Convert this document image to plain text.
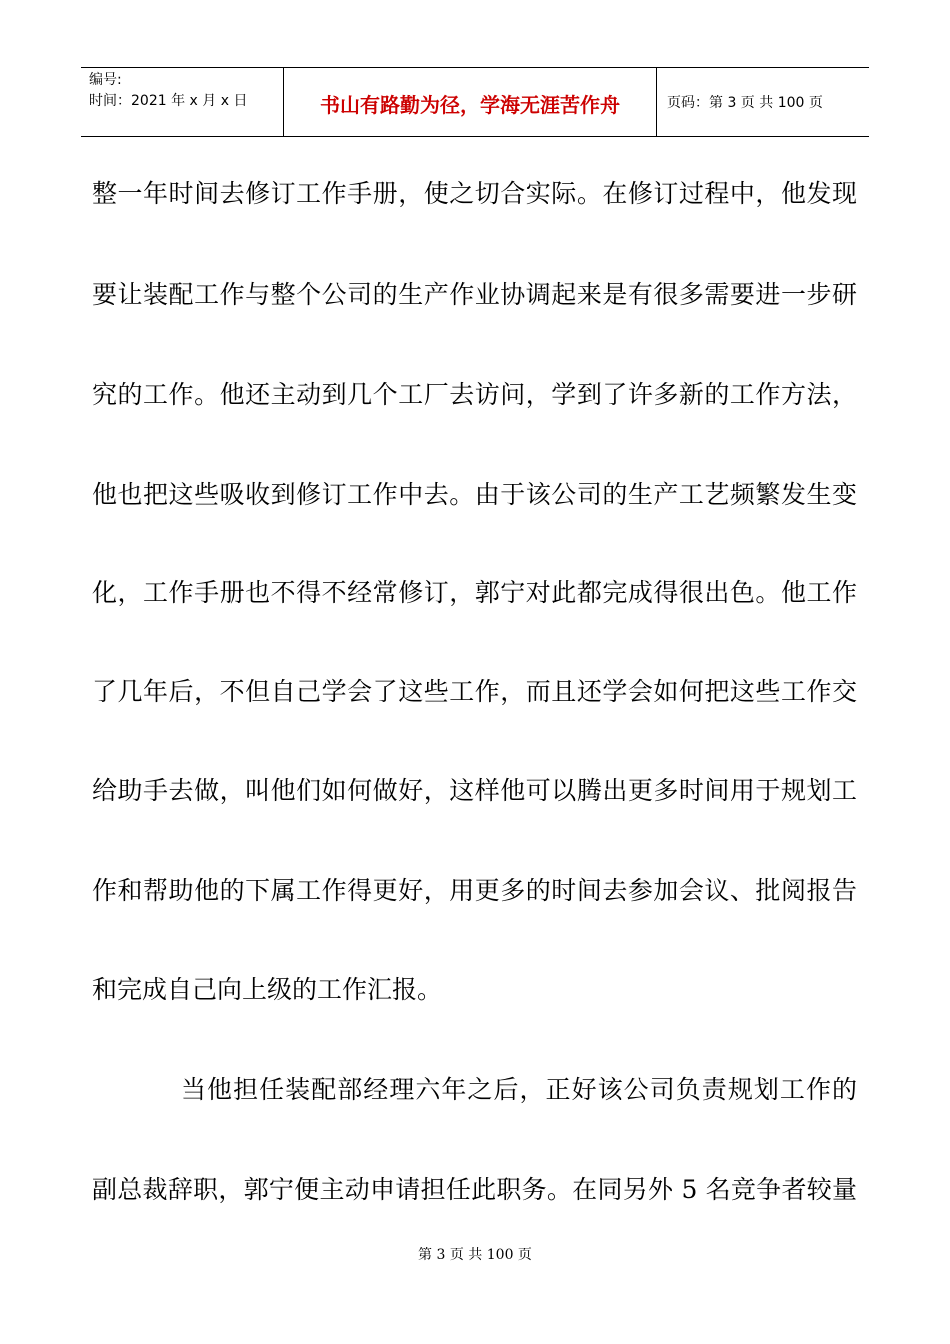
编号:
时间：2021 年 x 月 x 日	书山有路勤为径，学海无涯苦作舟	页码：第 3 页 共 100 页
整一年时间去修订工作手册，使之切合实际。在修订过程中，他发现
要让装配工作与整个公司的生产作业协调起来是有很多需要进一步研
究的工作。他还主动到几个工厂去访问，学到了许多新的工作方法，
他也把这些吸收到修订工作中去。由于该公司的生产工艺频繁发生变
化，工作手册也不得不经常修订，郭宁对此都完成得很出色。他工作
了几年后，不但自己学会了这些工作，而且还学会如何把这些工作交
给助手去做，叫他们如何做好，这样他可以腾出更多时间用于规划工
作和帮助他的下属工作得更好，用更多的时间去参加会议、批阅报告
和完成自己向上级的工作汇报。
当他担任装配部经理六年之后，正好该公司负责规划工作的
副总裁辞职，郭宁便主动申请担任此职务。在同另外 5 名竞争者较量
第 3 页 共 100 页
